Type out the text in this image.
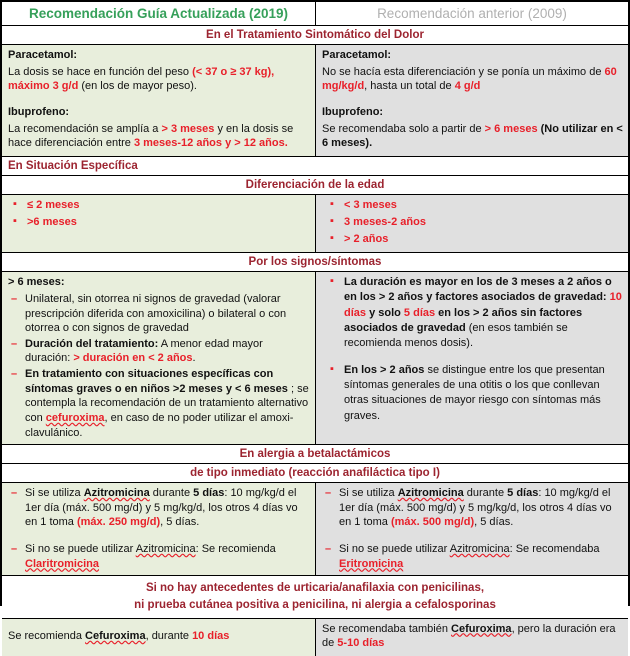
Recomendación Guía Actualizada (2019)	Recomendación anterior (2009)
En el Tratamiento Sintomático del Dolor

Paracetamol:

La dosis se hace en función del peso (< 37 o ≥ 37 kg), máximo 3 g/d (en los de mayor peso).

Ibuprofeno:

La recomendación se amplía a > 3 meses y en la dosis se hace diferenciación entre 3 meses-12 años y > 12 años.

Paracetamol:

No se hacía esta diferenciación y se ponía un máximo de 60 mg/kg/d, hasta un total de 4 g/d

Ibuprofeno:

Se recomendaba solo a partir de > 6 meses (No utilizar en < 6 meses).

En Situación Específica
Diferenciación de la edad
▪ ≤ 2 meses
▪ >6 meses
▪ < 3 meses
▪ 3 meses-2 años
▪ > 2 años
Por los signos/síntomas

> 6 meses:

– Unilateral, sin otorrea ni signos de gravedad (valorar prescripción diferida con amoxicilina) o bilateral o con otorrea o con signos de gravedad
– Duración del tratamiento: A menor edad mayor duración: > duración en < 2 años.
– En tratamiento con situaciones específicas con síntomas graves o en niños >2 meses y < 6 meses ; se contempla la recomendación de un tratamiento alternativo con cefuroxima, en caso de no poder utilizar el amoxi-clavulánico.
▪ La duración es mayor en los de 3 meses a 2 años o en los > 2 años y factores asociados de gravedad: 10 días y solo 5 días en los > 2 años sin factores asociados de gravedad (en esos también se recomienda menos dosis).
▪ En los > 2 años se distingue entre los que presentan síntomas generales de una otitis o los que conllevan otras situaciones de mayor riesgo con síntomas más graves.
En alergia a betalactámicos
de tipo inmediato (reacción anafiláctica tipo I)
– Si se utiliza Azitromicina durante 5 días: 10 mg/kg/d el 1er día (máx. 500 mg/d) y 5 mg/kg/d, los otros 4 días vo en 1 toma (máx. 250 mg/d), 5 días.
– Si no se puede utilizar Azitromicina: Se recomienda
Claritromicina
– Si se utiliza Azitromicina durante 5 días: 10 mg/kg/d el 1er día (máx. 500 mg/d) y 5 mg/kg/d, los otros 4 días vo en 1 toma (máx. 500 mg/d), 5 días.
– Si no se puede utilizar Azitromicina: Se recomendaba
Eritromicina
Si no hay antecedentes de urticaria/anafilaxia con penicilinas,
ni prueba cutánea positiva a penicilina, ni alergia a cefalosporinas

Se recomienda Cefuroxima, durante 10 días

Se recomendaba también Cefuroxima, pero la duración era de 5-10 días
